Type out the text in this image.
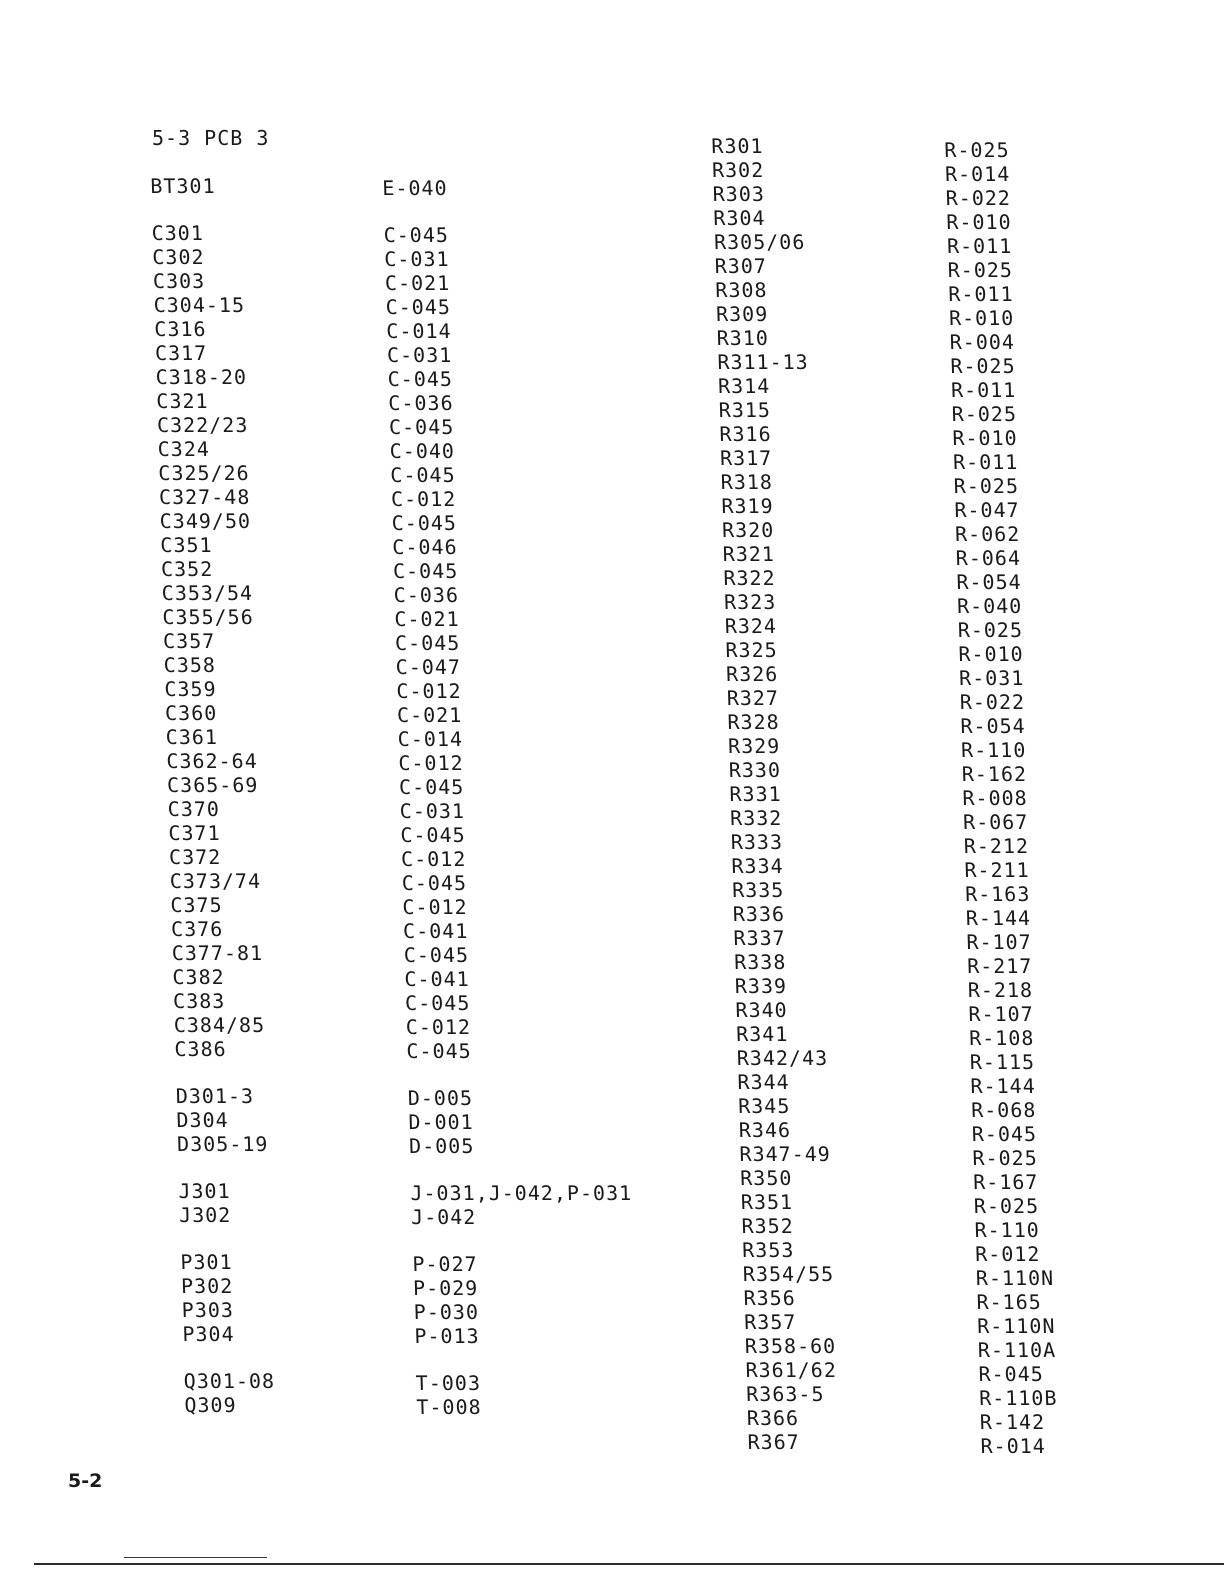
5-3 PCB 3
BT301
C301
C302
C303
C304-15
C316
C317
C318-20
C321
C322/23
C324
C325/26
C327-48
C349/50
C351
C352
C353/54
C355/56
C357
C358
C359
C360
C361
C362-64
C365-69
C370
C371
C372
C373/74
C375
C376
C377-81
C382
C383
C384/85
C386
D301-3
D304
D305-19
J301
J302
P301
P302
P303
P304
Q301-08
Q309
E-040
C-045
C-031
C-021
C-045
C-014
C-031
C-045
C-036
C-045
C-040
C-045
C-012
C-045
C-046
C-045
C-036
C-021
C-045
C-047
C-012
C-021
C-014
C-012
C-045
C-031
C-045
C-012
C-045
C-012
C-041
C-045
C-041
C-045
C-012
C-045
D-005
D-001
D-005
J-031,J-042,P-031
J-042
P-027
P-029
P-030
P-013
T-003
T-008
R301
R302
R303
R304
R305/06
R307
R308
R309
R310
R311-13
R314
R315
R316
R317
R318
R319
R320
R321
R322
R323
R324
R325
R326
R327
R328
R329
R330
R331
R332
R333
R334
R335
R336
R337
R338
R339
R340
R341
R342/43
R344
R345
R346
R347-49
R350
R351
R352
R353
R354/55
R356
R357
R358-60
R361/62
R363-5
R366
R367
R-025
R-014
R-022
R-010
R-011
R-025
R-011
R-010
R-004
R-025
R-011
R-025
R-010
R-011
R-025
R-047
R-062
R-064
R-054
R-040
R-025
R-010
R-031
R-022
R-054
R-110
R-162
R-008
R-067
R-212
R-211
R-163
R-144
R-107
R-217
R-218
R-107
R-108
R-115
R-144
R-068
R-045
R-025
R-167
R-025
R-110
R-012
R-110N
R-165
R-110N
R-110A
R-045
R-110B
R-142
R-014
5-2
